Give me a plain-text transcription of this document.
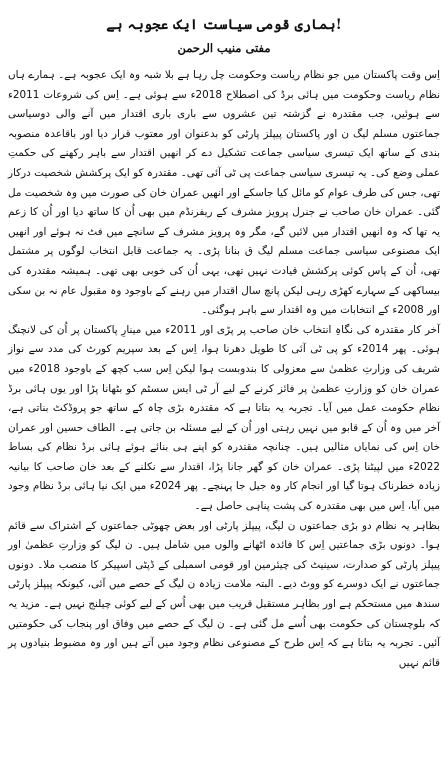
ہماری قومی سیاست ایک عجوبہ ہے!
مفتی منیب الرحمن

اِس وقت پاکستان میں جو نظام ریاست وحکومت چل رہا ہے بلا شبہ وہ ایک عجوبہ ہے۔ ہمارے ہاں نظام ریاست وحکومت میں ہائی برڈ کی اصطلاح 2018ء سے ہوئی ہے۔ اِس کی شروعات 2011ء سے ہوئیں، جب مقتدرہ نے گزشتہ تین عشروں سے باری باری اقتدار میں آنے والی دوسیاسی جماعتوں مسلم لیگ ن اور پاکستان پیپلز پارٹی کو بدعنوان اور معتوب قرار دیا اور باقاعدہ منصوبہ بندی کے ساتھ ایک تیسری سیاسی جماعت تشکیل دے کر انھیں اقتدار سے باہر رکھنے کی حکمتِ عملی وضع کی۔ یہ تیسری سیاسی جماعت پی ٹی آئی تھی۔ مقتدرہ کو ایک پرکشش شخصیت درکار تھی، جس کی طرف عوام کو مائل کیا جاسکے اور انھیں عمران خان کی صورت میں وہ شخصیت مل گئی۔ عمران خان صاحب نے جنرل پرویز مشرف کے ریفرنڈم میں بھی اُن کا ساتھ دیا اور اُن کا زعم یہ تھا کہ وہ انھیں اقتدار میں لائیں گے، مگر وہ پرویز مشرف کے سانچے میں فٹ نہ ہوئے اور انھیں ایک مصنوعی سیاسی جماعت مسلم لیگ ق بنانا پڑی۔ یہ جماعت قابل انتخاب لوگوں پر مشتمل تھی، اُن کے پاس کوئی پرکشش قیادت نہیں تھی، یہی اُن کی خوبی بھی تھی۔ ہمیشہ مقتدرہ کی بیساکھی کے سہارے کھڑی رہی لیکن پانچ سال اقتدار میں رہنے کے باوجود وہ مقبول عام نہ بن سکی اور 2008ء کے انتخابات میں وہ اقتدار سے باہر ہوگئی۔

آخر کار مقتدرہ کی نگاہِ انتخاب خان صاحب پر پڑی اور 2011ء میں مینارِ پاکستان پر اُن کی لانچنگ ہوئی۔ پھر 2014ء کو پی ٹی آئی کا طویل دھرنا ہوا، اِس کے بعد سپریم کورٹ کی مدد سے نواز شریف کی وزارتِ عظمیٰ سے معزولی کا بندوبست ہوا لیکن اِس سب کچھ کے باوجود 2018ء میں عمران خان کو وزارتِ عظمیٰ پر فائز کرنے کے لیے آر ٹی ایس سسٹم کو بٹھانا پڑا اور یوں ہائی برڈ نظام حکومت عمل میں آیا۔ تجربہ یہ بتاتا ہے کہ مقتدرہ بڑی چاہ کے ساتھ جو پروڈکٹ بناتی ہے، آخر میں وہ اُن کے قابو میں نہیں رہتی اور اُن کے لیے مسئلہ بن جاتی ہے۔ الطاف حسین اور عمران خان اِس کی نمایاں مثالیں ہیں۔ چنانچہ مقتدرہ کو اپنے ہی بنائے ہوئے ہائی برڈ نظام کی بساط 2022ء میں لپیٹنا پڑی۔ عمران خان کو گھر جانا پڑا، اقتدار سے نکلنے کے بعد خان صاحب کا بیانیہ زیادہ خطرناک ہوتا گیا اور انجام کار وہ جیل جا پہنچے۔ پھر 2024ء میں ایک نیا ہائی برڈ نظام وجود میں آیا، اِس میں بھی مقتدرہ کی پشت پناہی حاصل ہے۔

بظاہر یہ نظام دو بڑی جماعتوں ن لیگ، پیپلز پارٹی اور بعض چھوٹی جماعتوں کے اشتراک سے قائم ہوا۔ دونوں بڑی جماعتیں اِس کا فائدہ اٹھانے والوں میں شامل ہیں۔ ن لیگ کو وزارتِ عظمیٰ اور پیپلز پارٹی کو صدارت، سینیٹ کی چیئرمین اور قومی اسمبلی کے ڈپٹی اسپیکر کا منصب ملا۔ دونوں جماعتوں نے ایک دوسرے کو ووٹ دیے۔ البتہ ملامت زیادہ ن لیگ کے حصے میں آئی، کیونکہ پیپلز پارٹی سندھ میں مستحکم ہے اور بظاہر مستقبل قریب میں بھی اُس کے لیے کوئی چیلنج نہیں ہے۔ مزید یہ کہ بلوچستان کی حکومت بھی اُسے مل گئی ہے۔ ن لیگ کے حصے میں وفاق اور پنجاب کی حکومتیں آئیں۔ تجربہ یہ بتاتا ہے کہ اِس طرح کے مصنوعی نظام وجود میں آتے ہیں اور وہ مضبوط بنیادوں پر قائم نہیں
